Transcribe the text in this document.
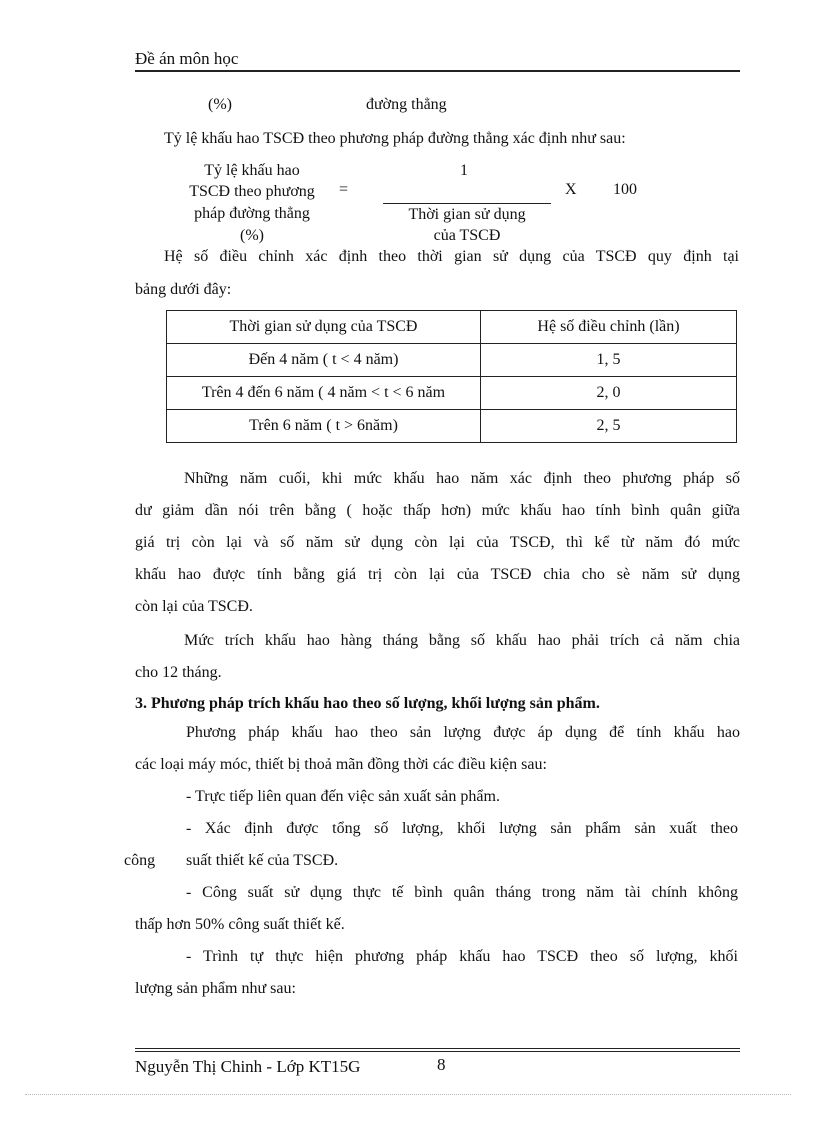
Đề án môn học
(%)	đường thẳng
Tỷ lệ khấu hao TSCĐ theo phương pháp đường thẳng xác định như sau:
Tỷ lệ khấu hao
TSCĐ theo phương
pháp đường thẳng
(%)
=
1
Thời gian sử dụng
của TSCĐ
X 100
Hệ số điều chỉnh xác định theo thời gian sử dụng của TSCĐ quy định tại
bảng dưới đây:
Thời gian sử dụng của TSCĐ	Hệ số điều chỉnh (lần)
Đến 4 năm ( t < 4 năm)	1, 5
Trên 4 đến 6 năm ( 4 năm < t < 6 năm	2, 0
Trên 6 năm ( t > 6năm)	2, 5
Những năm cuối, khi mức khấu hao năm xác định theo phương pháp số
dư giảm dần nói trên bằng ( hoặc thấp hơn) mức khấu hao tính bình quân giữa
giá trị còn lại và số năm sử dụng còn lại của TSCĐ, thì kể từ năm đó mức
khấu hao được tính bằng giá trị còn lại của TSCĐ chia cho sè năm sử dụng
còn lại của TSCĐ.
Mức trích khấu hao hàng tháng bằng số khấu hao phải trích cả năm chia
cho 12 tháng.
3. Phương pháp trích khấu hao theo số lượng, khối lượng sản phẩm.
Phương pháp khấu hao theo sản lượng được áp dụng để tính khấu hao
các loại máy móc, thiết bị thoả mãn đồng thời các điều kiện sau:
- Trực tiếp liên quan đến việc sản xuất sản phẩm.
- Xác định được tổng số lượng, khối lượng sản phẩm sản xuất theo
công suất thiết kế của TSCĐ.
- Công suất sử dụng thực tế bình quân tháng trong năm tài chính không
thấp hơn 50% công suất thiết kế.
- Trình tự thực hiện phương pháp khấu hao TSCĐ theo số lượng, khối
lượng sản phẩm như sau:
Nguyễn Thị Chinh - Lớp KT15G	8
